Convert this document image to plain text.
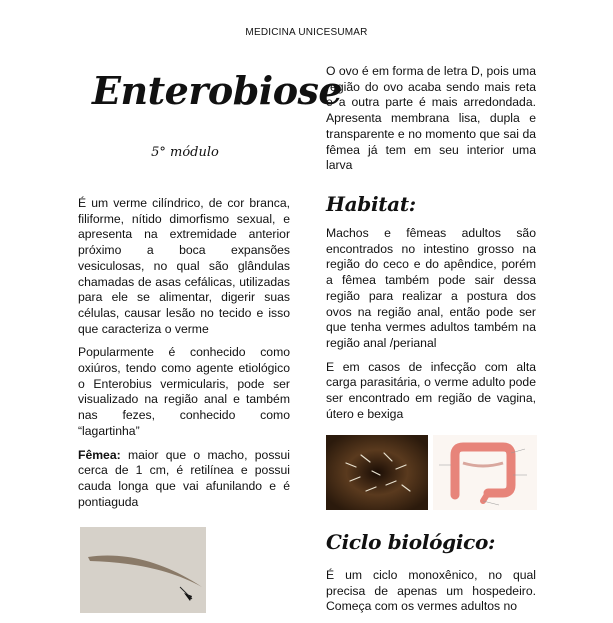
MEDICINA UNICESUMAR
Enterobiose
5° módulo

É um verme cilíndrico, de cor branca, filiforme, nítido dimorfismo sexual, e apresenta na extremidade anterior próximo a boca expansões vesiculosas, no qual são glândulas chamadas de asas cefálicas, utilizadas para ele se alimentar, digerir suas células, causar lesão no tecido e isso que caracteriza o verme

Popularmente é conhecido como oxiúros, tendo como agente etiológico o Enterobius vermicularis, pode ser visualizado na região anal e também nas fezes, conhecido como “lagartinha”

Fêmea: maior que o macho, possui cerca de 1 cm, é retilínea e possui cauda longa que vai afunilando e é pontiaguda

O ovo é em forma de letra D, pois uma região do ovo acaba sendo mais reta e a outra parte é mais arredondada. Apresenta membrana lisa, dupla e transparente e no momento que sai da fêmea já tem em seu interior uma larva

Habitat:

Machos e fêmeas adultos são encontrados no intestino grosso na região do ceco e do apêndice, porém a fêmea também pode sair dessa região para realizar a postura dos ovos na região anal, então pode ser que tenha vermes adultos também na região anal /perianal

E em casos de infecção com alta carga parasitária, o verme adulto pode ser encontrado em região de vagina, útero e bexiga

Ciclo biológico:

É um ciclo monoxênico, no qual precisa de apenas um hospedeiro. Começa com os vermes adultos no
